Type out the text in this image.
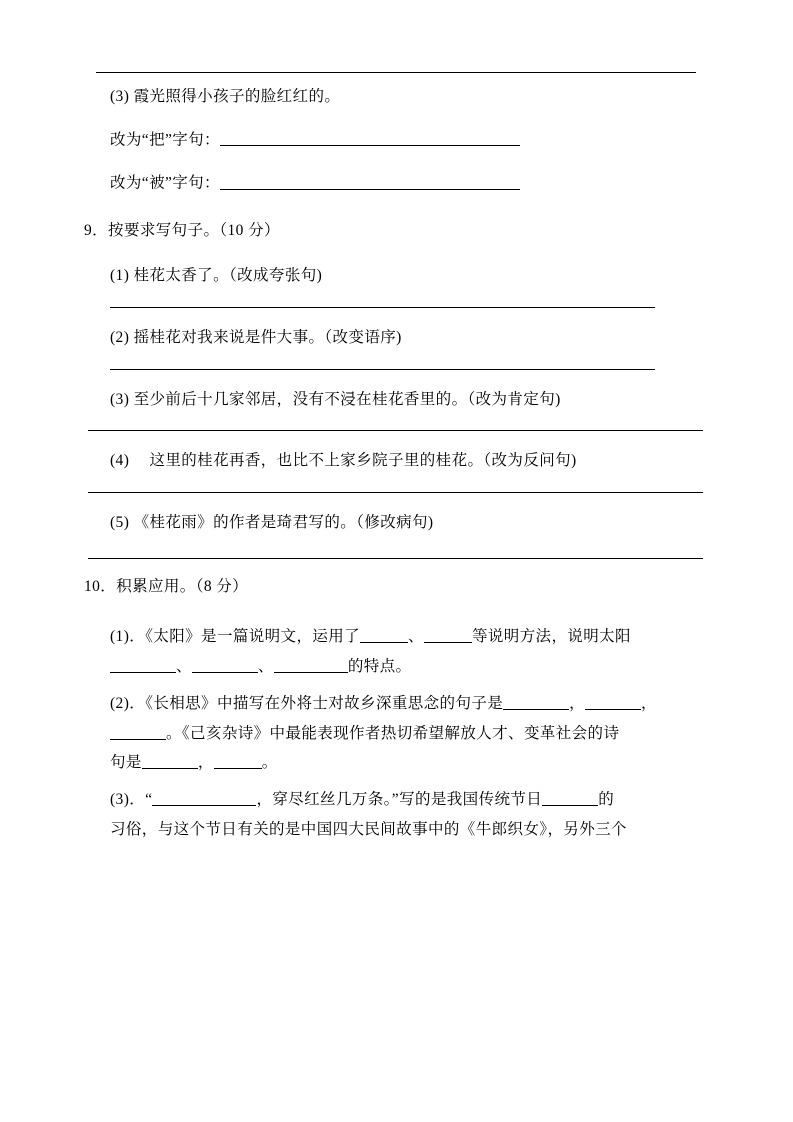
(3) 霞光照得小孩子的脸红红的。
改为“把”字句：
改为“被”字句：
9．按要求写句子。（10 分）
(1) 桂花太香了。（改成夸张句)
(2) 摇桂花对我来说是件大事。（改变语序)
(3) 至少前后十几家邻居，没有不浸在桂花香里的。（改为肯定句)
(4) 　这里的桂花再香，也比不上家乡院子里的桂花。（改为反问句)
(5) 《桂花雨》的作者是琦君写的。（修改病句)
10．积累应用。（8 分）
(1)．《太阳》是一篇说明文，运用了	、	等说明方法，说明太阳
、	、	的特点。
(2)．《长相思》中描写在外将士对故乡深重思念的句子是	，	，
。《己亥杂诗》中最能表现作者热切希望解放人才、变革社会的诗
句是	，	。
(3)．“	，穿尽红丝几万条。”写的是我国传统节日	的
习俗，与这个节日有关的是中国四大民间故事中的《牛郎织女》，另外三个
